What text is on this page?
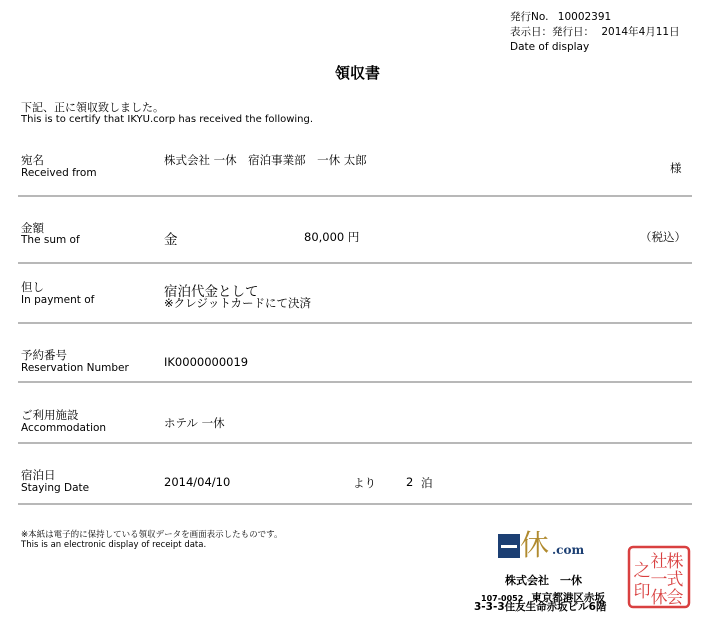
発行No. 10002391
表示日：発行日： 2014年4月11日
Date of display
領収書
下記、正に領収致しました。
This is to certify that IKYU.corp has received the following.
宛名
Received from
株式会社 一休　宿泊事業部　一休 太郎
様
金額
The sum of	金	80,000 円	（税込）
但し
In payment of	宿泊代金として
※クレジットカードにて決済
予約番号
Reservation Number	IK0000000019
ご利用施設
Accommodation	ホテル 一休
宿泊日
Staying Date	2014/04/10	より	2 泊
※本紙は電子的に保持している領収データを画面表示したものです。
This is an electronic display of receipt data.	休 .com
株式会社　一休
107-0052 東京都港区赤坂
3-3-3住友生命赤坂ビル6階
株
式
会
社
一
休
之
印
